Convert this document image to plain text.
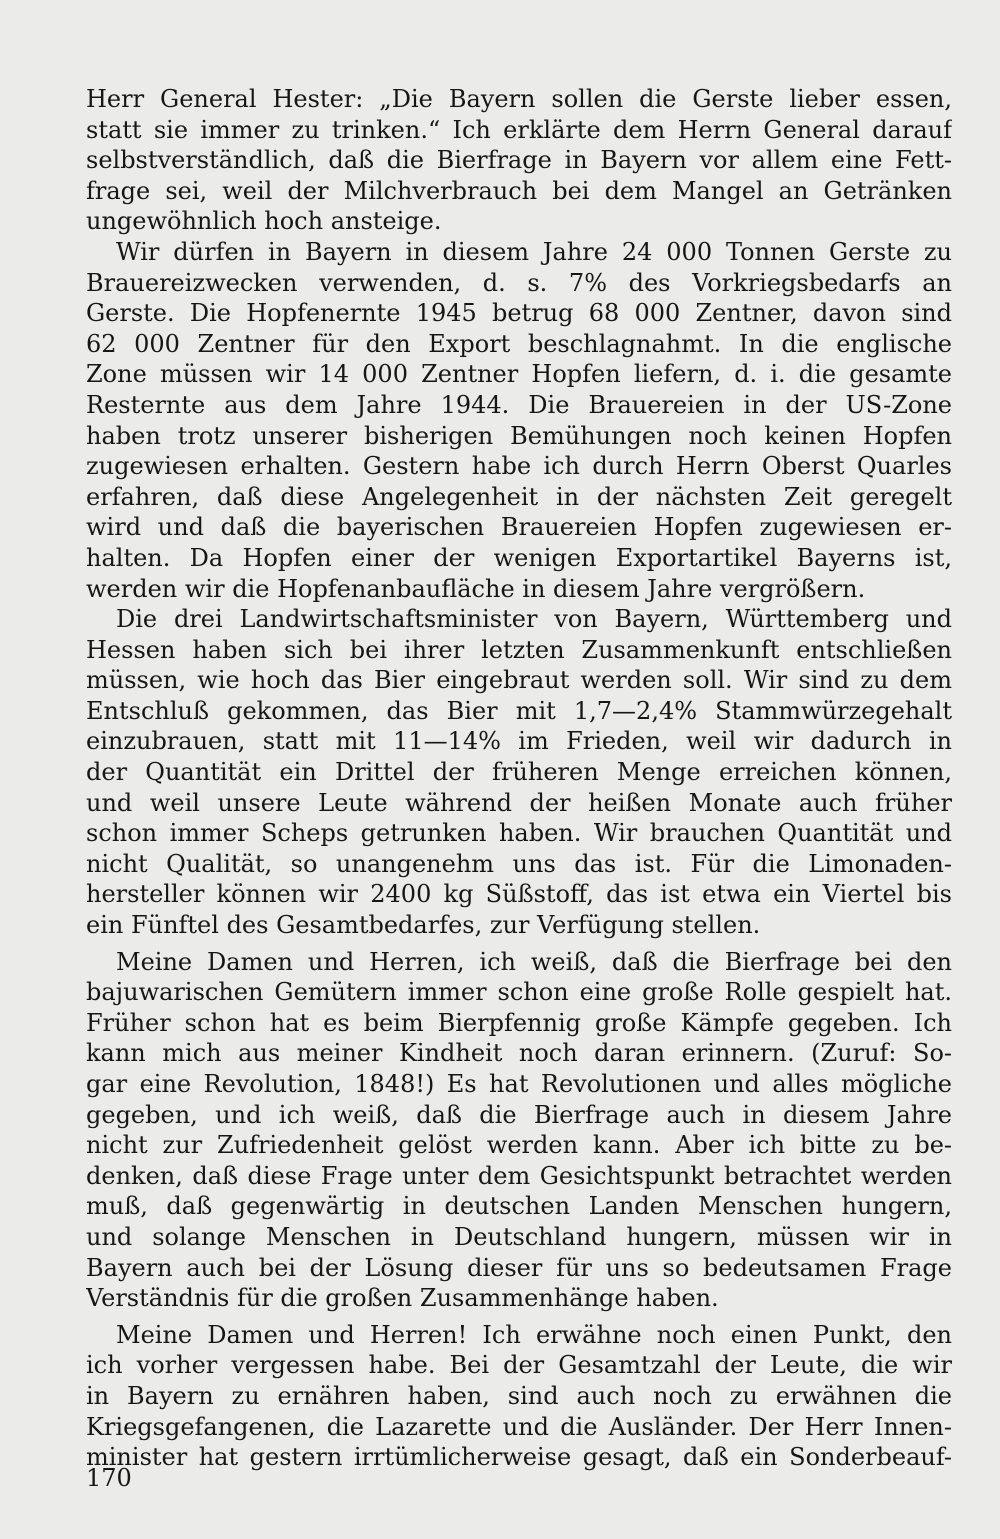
Herr General Hester: „Die Bayern sollen die Gerste lieber essen,
statt sie immer zu trinken.“ Ich erklärte dem Herrn General darauf
selbstverständlich, daß die Bierfrage in Bayern vor allem eine Fett-
frage sei, weil der Milchverbrauch bei dem Mangel an Getränken
ungewöhnlich hoch ansteige.
Wir dürfen in Bayern in diesem Jahre 24 000 Tonnen Gerste zu
Brauereizwecken verwenden, d. s. 7% des Vorkriegsbedarfs an
Gerste. Die Hopfenernte 1945 betrug 68 000 Zentner, davon sind
62 000 Zentner für den Export beschlagnahmt. In die englische
Zone müssen wir 14 000 Zentner Hopfen liefern, d. i. die gesamte
Resternte aus dem Jahre 1944. Die Brauereien in der US-Zone
haben trotz unserer bisherigen Bemühungen noch keinen Hopfen
zugewiesen erhalten. Gestern habe ich durch Herrn Oberst Quarles
erfahren, daß diese Angelegenheit in der nächsten Zeit geregelt
wird und daß die bayerischen Brauereien Hopfen zugewiesen er-
halten. Da Hopfen einer der wenigen Exportartikel Bayerns ist,
werden wir die Hopfenanbaufläche in diesem Jahre vergrößern.
Die drei Landwirtschaftsminister von Bayern, Württemberg und
Hessen haben sich bei ihrer letzten Zusammenkunft entschließen
müssen, wie hoch das Bier eingebraut werden soll. Wir sind zu dem
Entschluß gekommen, das Bier mit 1,7—2,4% Stammwürzegehalt
einzubrauen, statt mit 11—14% im Frieden, weil wir dadurch in
der Quantität ein Drittel der früheren Menge erreichen können,
und weil unsere Leute während der heißen Monate auch früher
schon immer Scheps getrunken haben. Wir brauchen Quantität und
nicht Qualität, so unangenehm uns das ist. Für die Limonaden-
hersteller können wir 2400 kg Süßstoff, das ist etwa ein Viertel bis
ein Fünftel des Gesamtbedarfes, zur Verfügung stellen.
Meine Damen und Herren, ich weiß, daß die Bierfrage bei den
bajuwarischen Gemütern immer schon eine große Rolle gespielt hat.
Früher schon hat es beim Bierpfennig große Kämpfe gegeben. Ich
kann mich aus meiner Kindheit noch daran erinnern. (Zuruf: So-
gar eine Revolution, 1848!) Es hat Revolutionen und alles mögliche
gegeben, und ich weiß, daß die Bierfrage auch in diesem Jahre
nicht zur Zufriedenheit gelöst werden kann. Aber ich bitte zu be-
denken, daß diese Frage unter dem Gesichtspunkt betrachtet werden
muß, daß gegenwärtig in deutschen Landen Menschen hungern,
und solange Menschen in Deutschland hungern, müssen wir in
Bayern auch bei der Lösung dieser für uns so bedeutsamen Frage
Verständnis für die großen Zusammenhänge haben.
Meine Damen und Herren! Ich erwähne noch einen Punkt, den
ich vorher vergessen habe. Bei der Gesamtzahl der Leute, die wir
in Bayern zu ernähren haben, sind auch noch zu erwähnen die
Kriegsgefangenen, die Lazarette und die Ausländer. Der Herr Innen-
minister hat gestern irrtümlicherweise gesagt, daß ein Sonderbeauf-
170
